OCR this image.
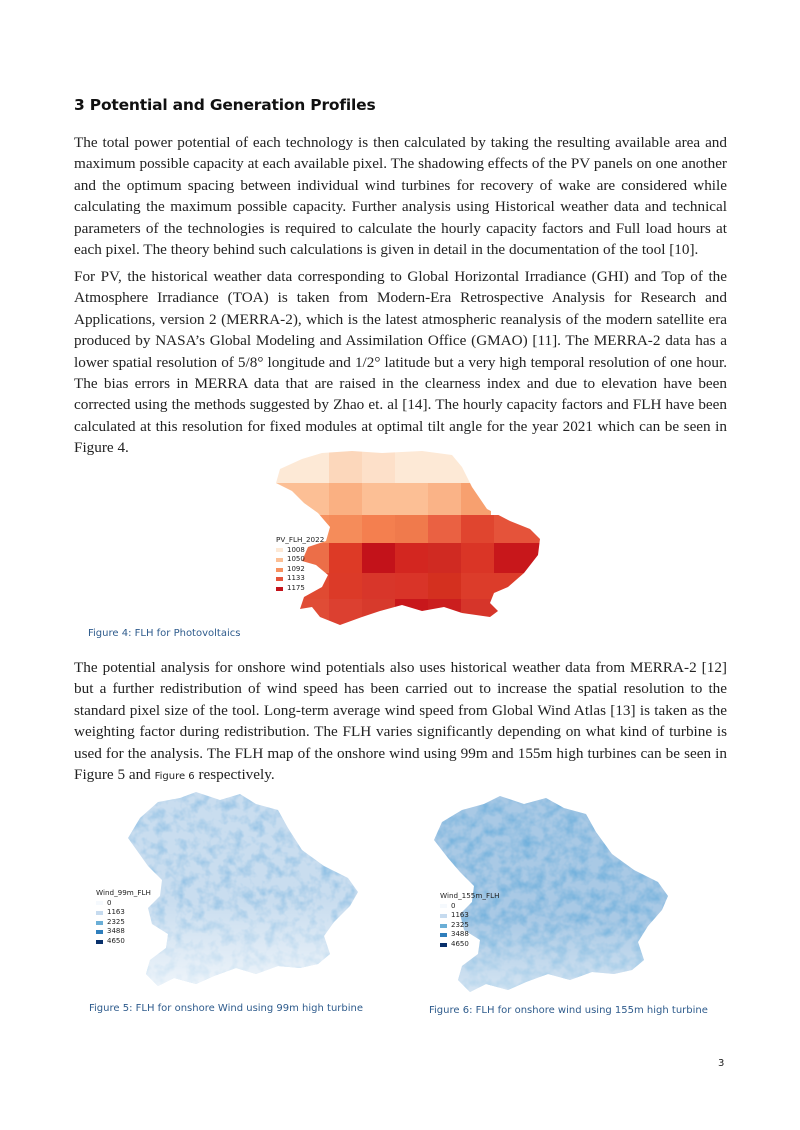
3 Potential and Generation Profiles

The total power potential of each technology is then calculated by taking the resulting available area and maximum possible capacity at each available pixel. The shadowing effects of the PV panels on one another and the optimum spacing between individual wind turbines for recovery of wake are considered while calculating the maximum possible capacity. Further analysis using Historical weather data and technical parameters of the technologies is required to calculate the hourly capacity factors and Full load hours at each pixel. The theory behind such calculations is given in detail in the documentation of the tool [10].

For PV, the historical weather data corresponding to Global Horizontal Irradiance (GHI) and Top of the Atmosphere Irradiance (TOA) is taken from Modern-Era Retrospective Analysis for Research and Applications, version 2 (MERRA-2), which is the latest atmospheric reanalysis of the modern satellite era produced by NASA’s Global Modeling and Assimilation Office (GMAO) [11]. The MERRA-2 data has a lower spatial resolution of 5/8° longitude and 1/2° latitude but a very high temporal resolution of one hour. The bias errors in MERRA data that are raised in the clearness index and due to elevation have been corrected using the methods suggested by Zhao et. al [14]. The hourly capacity factors and FLH have been calculated at this resolution for fixed modules at optimal tilt angle for the year 2021 which can be seen in Figure 4.

PV_FLH_2022
1008
1050
1092
1133
1175

Figure 4: FLH for Photovoltaics

The potential analysis for onshore wind potentials also uses historical weather data from MERRA-2 [12] but a further redistribution of wind speed has been carried out to increase the spatial resolution to the standard pixel size of the tool. Long-term average wind speed from Global Wind Atlas [13] is taken as the weighting factor during redistribution. The FLH varies significantly depending on what kind of turbine is used for the analysis. The FLH map of the onshore wind using 99m and 155m high turbines can be seen in Figure 5 and Figure 6 respectively.

Wind_99m_FLH
0
1163
2325
3488
4650

Figure 5: FLH for onshore Wind using 99m high turbine

Wind_155m_FLH
0
1163
2325
3488
4650

Figure 6: FLH for onshore wind using 155m high turbine

3
